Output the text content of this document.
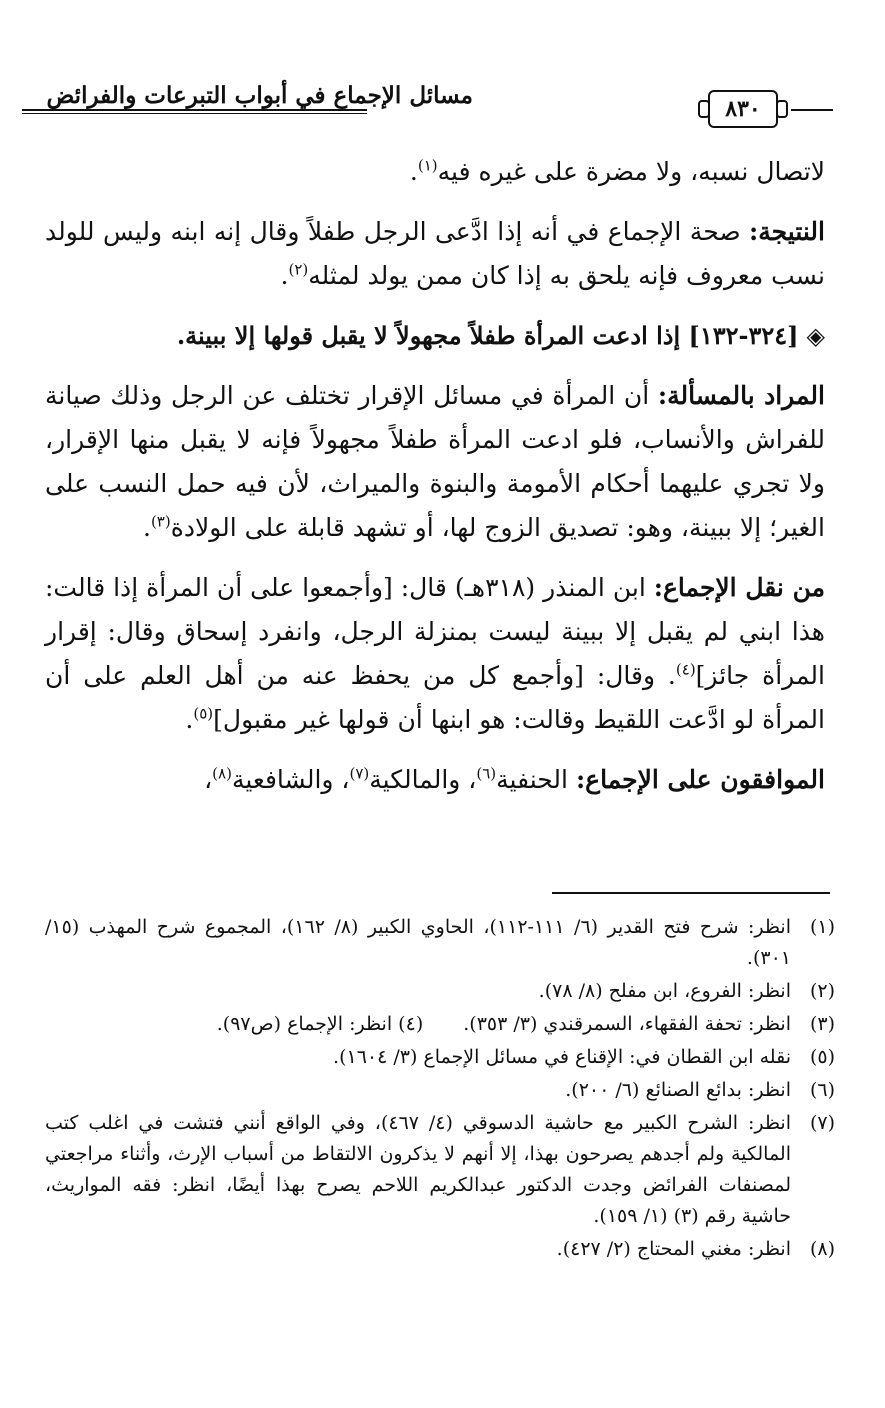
٨٣٠
مسائل الإجماع في أبواب التبرعات والفرائض

لاتصال نسبه، ولا مضرة على غيره فيه$^{(١)}$.

النتيجة: صحة الإجماع في أنه إذا ادَّعى الرجل طفلاً وقال إنه ابنه وليس للولد نسب معروف فإنه يلحق به إذا كان ممن يولد لمثله$^{(٢)}$.

◈[٣٢٤-١٣٢] إذا ادعت المرأة طفلاً مجهولاً لا يقبل قولها إلا ببينة.

المراد بالمسألة: أن المرأة في مسائل الإقرار تختلف عن الرجل وذلك صيانة للفراش والأنساب، فلو ادعت المرأة طفلاً مجهولاً فإنه لا يقبل منها الإقرار، ولا تجري عليهما أحكام الأمومة والبنوة والميراث، لأن فيه حمل النسب على الغير؛ إلا ببينة، وهو: تصديق الزوج لها، أو تشهد قابلة على الولادة$^{(٣)}$.

من نقل الإجماع: ابن المنذر (٣١٨هـ) قال: [وأجمعوا على أن المرأة إذا قالت: هذا ابني لم يقبل إلا ببينة ليست بمنزلة الرجل، وانفرد إسحاق وقال: إقرار المرأة جائز]$^{(٤)}$. وقال: [وأجمع كل من يحفظ عنه من أهل العلم على أن المرأة لو ادَّعت اللقيط وقالت: هو ابنها أن قولها غير مقبول]$^{(٥)}$.

الموافقون على الإجماع: الحنفية$^{(٦)}$، والمالكية$^{(٧)}$، والشافعية$^{(٨)}$،

(١)
انظر: شرح فتح القدير (٦/ ١١١-١١٢)، الحاوي الكبير (٨/ ١٦٢)، المجموع شرح المهذب (١٥/ ٣٠١).
(٢)
انظر: الفروع، ابن مفلح (٨/ ٧٨).
(٣)
انظر: تحفة الفقهاء، السمرقندي (٣/ ٣٥٣).(٤) انظر: الإجماع (ص٩٧).
(٥)
نقله ابن القطان في: الإقناع في مسائل الإجماع (٣/ ١٦٠٤).
(٦)
انظر: بدائع الصنائع (٦/ ٢٠٠).
(٧)
انظر: الشرح الكبير مع حاشية الدسوقي (٤/ ٤٦٧)، وفي الواقع أنني فتشت في اغلب كتب المالكية ولم أجدهم يصرحون بهذا، إلا أنهم لا يذكرون الالتقاط من أسباب الإرث، وأثناء مراجعتي لمصنفات الفرائض وجدت الدكتور عبدالكريم اللاحم يصرح بهذا أيضًا، انظر: فقه المواريث، حاشية رقم (٣) (١/ ١٥٩).
(٨)
انظر: مغني المحتاج (٢/ ٤٢٧).
